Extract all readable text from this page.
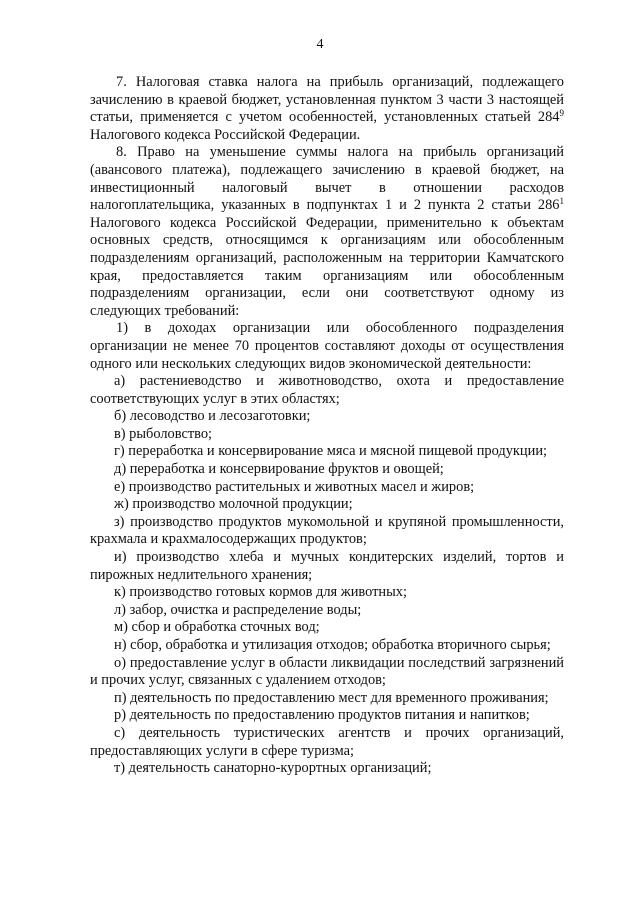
4

7. Налоговая ставка налога на прибыль организаций, подлежащего зачислению в краевой бюджет, установленная пунктом 3 части 3 настоящей статьи, применяется с учетом особенностей, установленных статьей $284^9$ Налогового кодекса Российской Федерации.

8. Право на уменьшение суммы налога на прибыль организаций (авансового платежа), подлежащего зачислению в краевой бюджет, на инвестиционный налоговый вычет в отношении расходов налогоплательщика, указанных в подпунктах 1 и 2 пункта 2 статьи $286^1$ Налогового кодекса Российской Федерации, применительно к объектам основных средств, относящимся к организациям или обособленным подразделениям организаций, расположенным на территории Камчатского края, предоставляется таким организациям или обособленным подразделениям организации, если они соответствуют одному из следующих требований:

1) в доходах организации или обособленного подразделения организации не менее 70 процентов составляют доходы от осуществления одного или нескольких следующих видов экономической деятельности:

а) растениеводство и животноводство, охота и предоставление соответствующих услуг в этих областях;

б) лесоводство и лесозаготовки;

в) рыболовство;

г) переработка и консервирование мяса и мясной пищевой продукции;

д) переработка и консервирование фруктов и овощей;

е) производство растительных и животных масел и жиров;

ж) производство молочной продукции;

з) производство продуктов мукомольной и крупяной промышленности, крахмала и крахмалосодержащих продуктов;

и) производство хлеба и мучных кондитерских изделий, тортов и пирожных недлительного хранения;

к) производство готовых кормов для животных;

л) забор, очистка и распределение воды;

м) сбор и обработка сточных вод;

н) сбор, обработка и утилизация отходов; обработка вторичного сырья;

о) предоставление услуг в области ликвидации последствий загрязнений и прочих услуг, связанных с удалением отходов;

п) деятельность по предоставлению мест для временного проживания;

р) деятельность по предоставлению продуктов питания и напитков;

с) деятельность туристических агентств и прочих организаций, предоставляющих услуги в сфере туризма;

т) деятельность санаторно-курортных организаций;
